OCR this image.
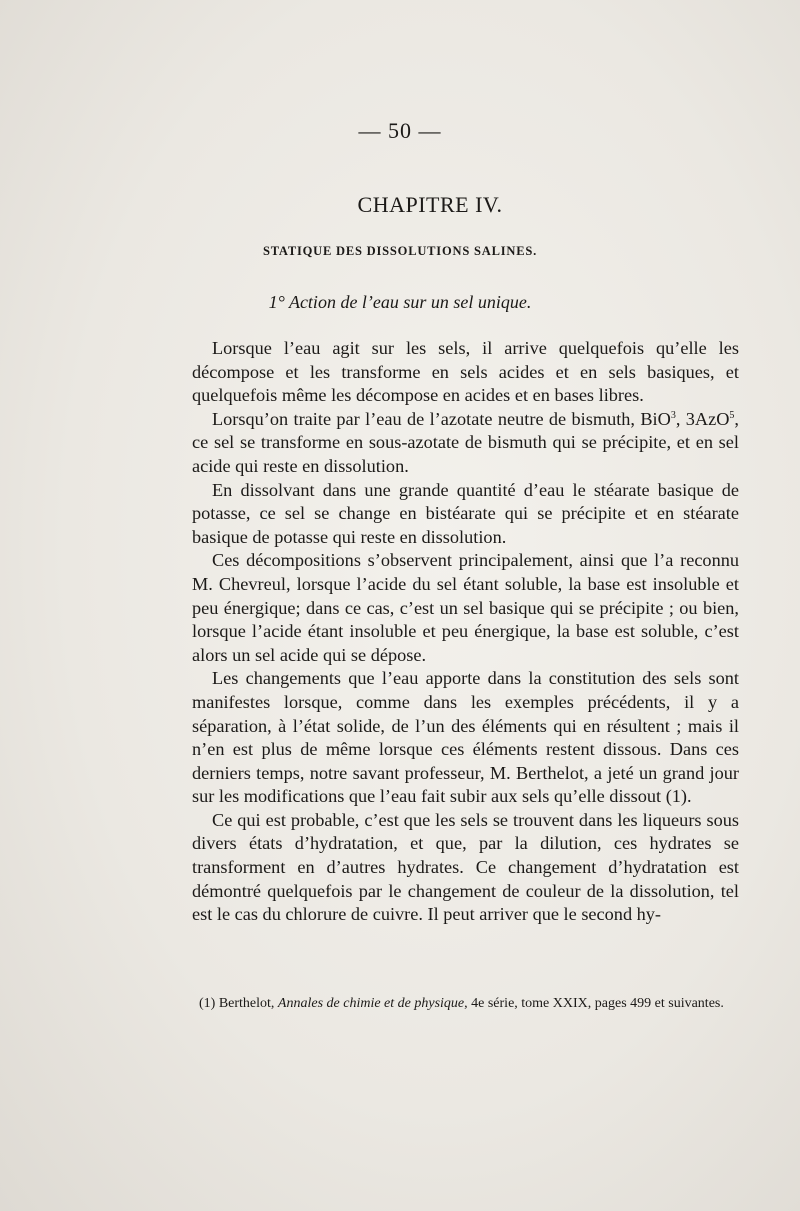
— 50 —
CHAPITRE IV.
STATIQUE DES DISSOLUTIONS SALINES.
1° Action de l’eau sur un sel unique.

Lorsque l’eau agit sur les sels, il arrive quelquefois qu’elle les décompose et les transforme en sels acides et en sels basiques, et quelquefois même les décompose en acides et en bases libres.

Lorsqu’on traite par l’eau de l’azotate neutre de bismuth, BiO$^3$, 3AzO$^5$, ce sel se transforme en sous-azotate de bismuth qui se précipite, et en sel acide qui reste en dissolution.

En dissolvant dans une grande quantité d’eau le stéarate basique de potasse, ce sel se change en bistéarate qui se précipite et en stéarate basique de potasse qui reste en dissolution.

Ces décompositions s’observent principalement, ainsi que l’a reconnu M. Chevreul, lorsque l’acide du sel étant soluble, la base est insoluble et peu énergique; dans ce cas, c’est un sel basique qui se précipite ; ou bien, lorsque l’acide étant insoluble et peu énergique, la base est soluble, c’est alors un sel acide qui se dépose.

Les changements que l’eau apporte dans la constitution des sels sont manifestes lorsque, comme dans les exemples précédents, il y a séparation, à l’état solide, de l’un des éléments qui en résultent ; mais il n’en est plus de même lorsque ces éléments restent dissous. Dans ces derniers temps, notre savant professeur, M. Berthelot, a jeté un grand jour sur les modifications que l’eau fait subir aux sels qu’elle dissout (1).

Ce qui est probable, c’est que les sels se trouvent dans les liqueurs sous divers états d’hydratation, et que, par la dilution, ces hydrates se transforment en d’autres hydrates. Ce changement d’hydratation est démontré quelquefois par le changement de couleur de la dissolution, tel est le cas du chlorure de cuivre. Il peut arriver que le second hy-

(1) Berthelot, Annales de chimie et de physique, 4e série, tome XXIX, pages 499 et suivantes.
